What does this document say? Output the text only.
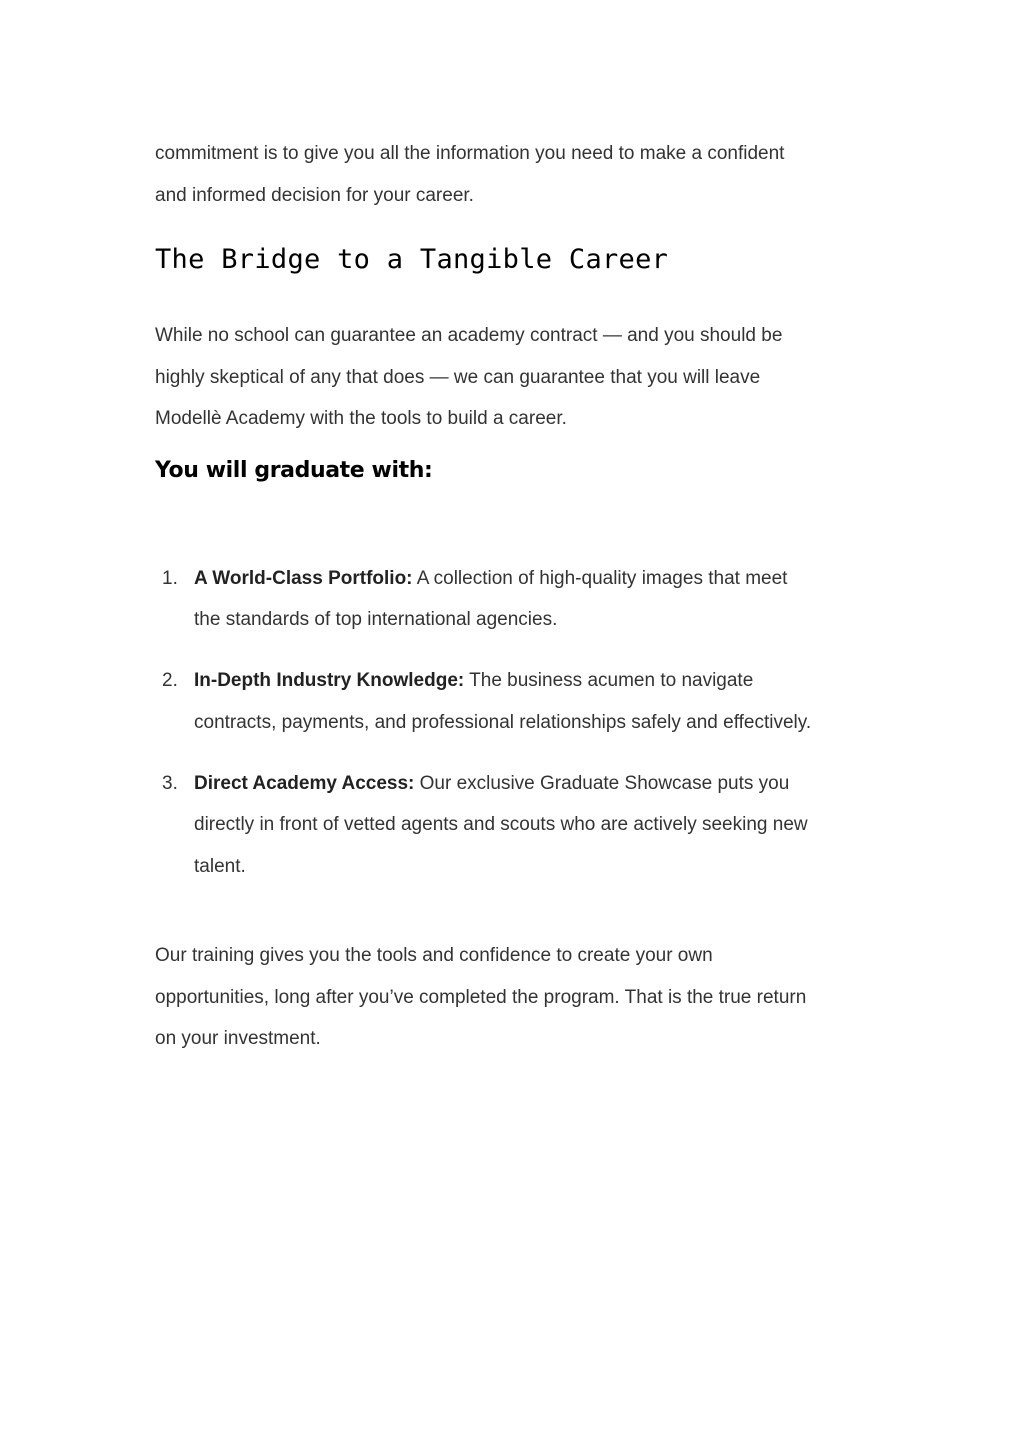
commitment is to give you all the information you need to make a confident
and informed decision for your career.

The Bridge to a Tangible Career

While no school can guarantee an academy contract — and you should be
highly skeptical of any that does — we can guarantee that you will leave
Modellè Academy with the tools to build a career.

You will graduate with:
1. A World-Class Portfolio: A collection of high-quality images that meet
the standards of top international agencies.
2. In-Depth Industry Knowledge: The business acumen to navigate
contracts, payments, and professional relationships safely and effectively.
3. Direct Academy Access: Our exclusive Graduate Showcase puts you
directly in front of vetted agents and scouts who are actively seeking new
talent.

Our training gives you the tools and confidence to create your own
opportunities, long after you’ve completed the program. That is the true return
on your investment.
